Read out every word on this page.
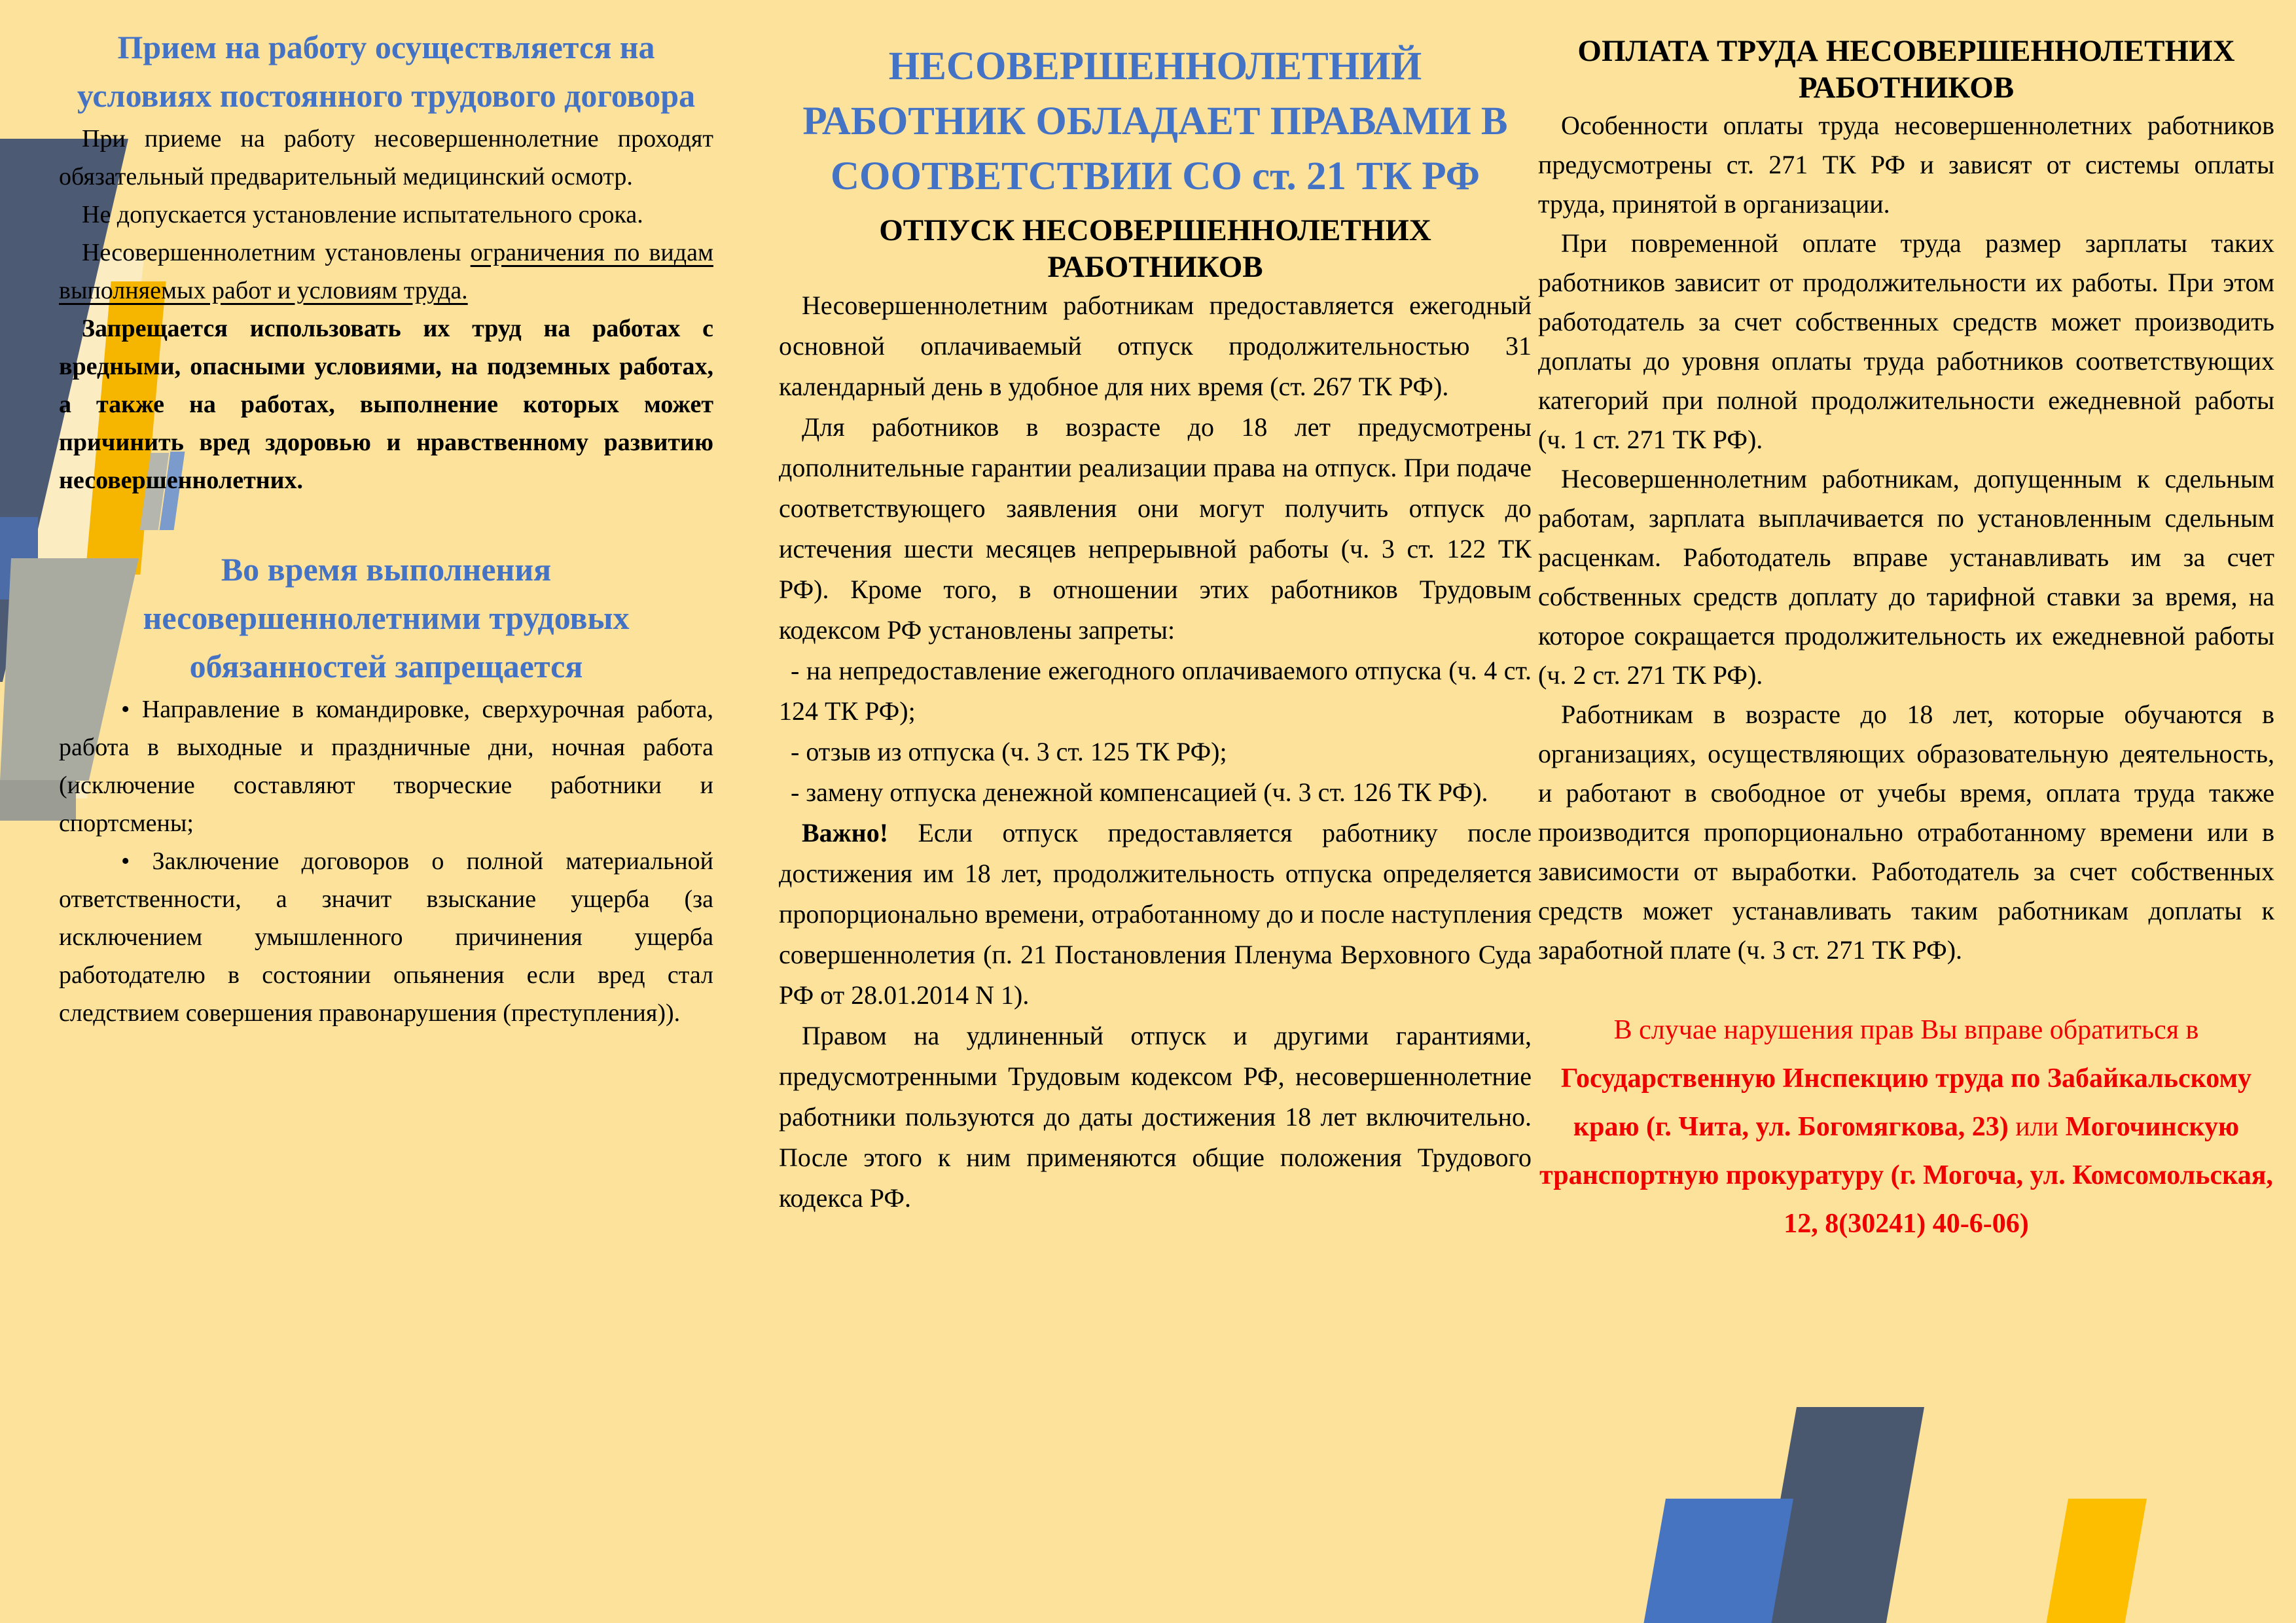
Прием на работу осуществляется на условиях постоянного трудового договора

При приеме на работу несовершеннолетние проходят обязательный предварительный медицинский осмотр.

Не допускается установление испытательного срока.

Несовершеннолетним установлены ограничения по видам выполняемых работ и условиям труда.

Запрещается использовать их труд на работах с вредными, опасными условиями, на подземных работах, а также на работах, выполнение которых может причинить вред здоровью и нравственному развитию несовершеннолетних.

Во время выполнения несовершеннолетними трудовых обязанностей запрещается

• Направление в командировке, сверхурочная работа, работа в выходные и праздничные дни, ночная работа (исключение составляют творческие работники и спортсмены;

• Заключение договоров о полной материальной ответственности, а значит взыскание ущерба (за исключением умышленного причинения ущерба работодателю в состоянии опьянения если вред стал следствием совершения правонарушения (преступления)).

НЕСОВЕРШЕННОЛЕТНИЙ РАБОТНИК ОБЛАДАЕТ ПРАВАМИ В СООТВЕТСТВИИ СО ст. 21 ТК РФ
ОТПУСК НЕСОВЕРШЕННОЛЕТНИХ РАБОТНИКОВ

Несовершеннолетним работникам предоставляется ежегодный основной оплачиваемый отпуск продолжительностью 31 календарный день в удобное для них время (ст. 267 ТК РФ).

Для работников в возрасте до 18 лет предусмотрены дополнительные гарантии реализации права на отпуск. При подаче соответствующего заявления они могут получить отпуск до истечения шести месяцев непрерывной работы (ч. 3 ст. 122 ТК РФ). Кроме того, в отношении этих работников Трудовым кодексом РФ установлены запреты:

- на непредоставление ежегодного оплачиваемого отпуска (ч. 4 ст. 124 ТК РФ);

- отзыв из отпуска (ч. 3 ст. 125 ТК РФ);

- замену отпуска денежной компенсацией (ч. 3 ст. 126 ТК РФ).

Важно! Если отпуск предоставляется работнику после достижения им 18 лет, продолжительность отпуска определяется пропорционально времени, отработанному до и после наступления совершеннолетия (п. 21 Постановления Пленума Верховного Суда РФ от 28.01.2014 N 1).

Правом на удлиненный отпуск и другими гарантиями, предусмотренными Трудовым кодексом РФ, несовершеннолетние работники пользуются до даты достижения 18 лет включительно. После этого к ним применяются общие положения Трудового кодекса РФ.

ОПЛАТА ТРУДА НЕСОВЕРШЕННОЛЕТНИХ РАБОТНИКОВ

Особенности оплаты труда несовершеннолетних работников предусмотрены ст. 271 ТК РФ и зависят от системы оплаты труда, принятой в организации.

При повременной оплате труда размер зарплаты таких работников зависит от продолжительности их работы. При этом работодатель за счет собственных средств может производить доплаты до уровня оплаты труда работников соответствующих категорий при полной продолжительности ежедневной работы (ч. 1 ст. 271 ТК РФ).

Несовершеннолетним работникам, допущенным к сдельным работам, зарплата выплачивается по установленным сдельным расценкам. Работодатель вправе устанавливать им за счет собственных средств доплату до тарифной ставки за время, на которое сокращается продолжительность их ежедневной работы (ч. 2 ст. 271 ТК РФ).

Работникам в возрасте до 18 лет, которые обучаются в организациях, осуществляющих образовательную деятельность, и работают в свободное от учебы время, оплата труда также производится пропорционально отработанному времени или в зависимости от выработки. Работодатель за счет собственных средств может устанавливать таким работникам доплаты к заработной плате (ч. 3 ст. 271 ТК РФ).

В случае нарушения прав Вы вправе обратиться в Государственную Инспекцию труда по Забайкальскому краю (г. Чита, ул. Богомягкова, 23) или Могочинскую транспортную прокуратуру (г. Могоча, ул. Комсомольская, 12, 8(30241) 40-6-06)
